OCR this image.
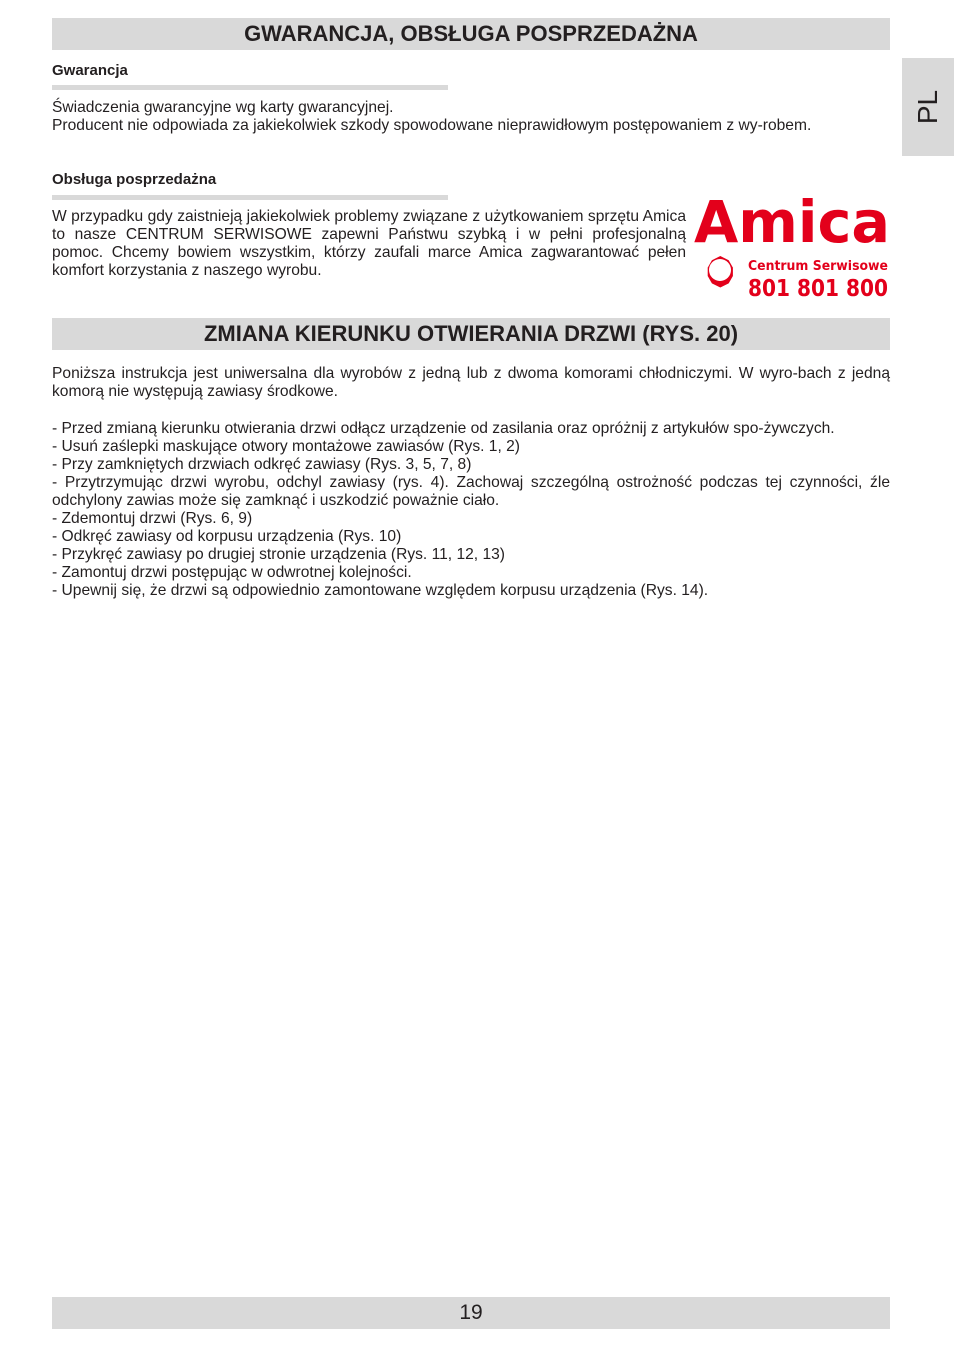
GWARANCJA, OBSŁUGA POSPRZEDAŻNA
PL
Gwarancja
Świadczenia gwarancyjne wg karty gwarancyjnej.
Producent nie odpowiada za jakiekolwiek szkody spowodowane nieprawidłowym postępowaniem z wy-robem.
Obsługa posprzedażna

W przypadku gdy zaistnieją jakiekolwiek problemy związane z użytkowaniem sprzętu Amica to nasze CENTRUM SERWISOWE zapewni Państwu szybką i w pełni profesjonalną pomoc. Chcemy bowiem wszystkim, którzy zaufali marce Amica zagwarantować pełen komfort korzystania z naszego wyrobu.

Amica
Centrum Serwisowe
801 801 800
ZMIANA KIERUNKU OTWIERANIA DRZWI (RYS. 20)

Poniższa instrukcja jest uniwersalna dla wyrobów z jedną lub z dwoma komorami chłodniczymi. W wyro-bach z jedną komorą nie występują zawiasy środkowe.

- Przed zmianą kierunku otwierania drzwi odłącz urządzenie od zasilania oraz opróżnij z artykułów spo-żywczych.
- Usuń zaślepki maskujące otwory montażowe zawiasów (Rys. 1, 2)
- Przy zamkniętych drzwiach odkręć zawiasy (Rys. 3, 5, 7, 8)
- Przytrzymując drzwi wyrobu, odchyl zawiasy (rys. 4). Zachowaj szczególną ostrożność podczas tej czynności, źle odchylony zawias może się zamknąć i uszkodzić poważnie ciało.
- Zdemontuj drzwi (Rys. 6, 9)
- Odkręć zawiasy od korpusu urządzenia (Rys. 10)
- Przykręć zawiasy po drugiej stronie urządzenia (Rys. 11, 12, 13)
- Zamontuj drzwi postępując w odwrotnej kolejności.
- Upewnij się, że drzwi są odpowiednio zamontowane względem korpusu urządzenia (Rys. 14).
19
